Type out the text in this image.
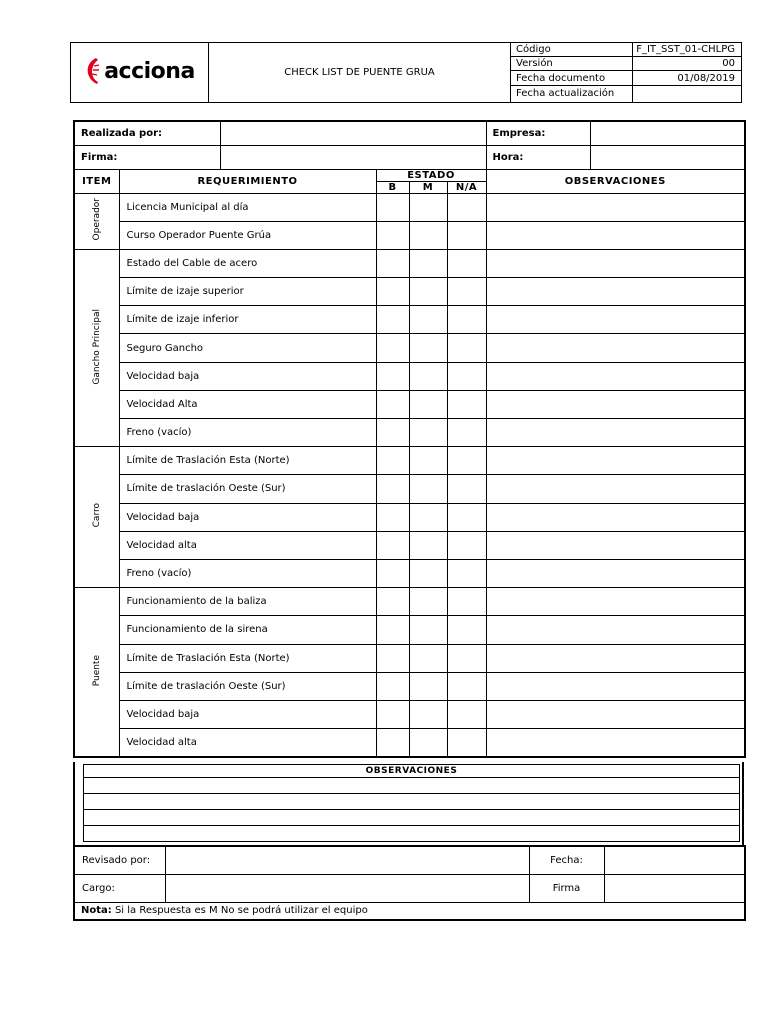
acciona	CHECK LIST DE PUENTE GRUA	Código	F_IT_SST_01-CHLPG
		Versión	00
		Fecha documento	01/08/2019
		Fecha actualización	
Realizada por:						Empresa:	
Firma:						Hora:	
ITEM	REQUERIMIENTO		ESTADO			OBSERVACIONES	
			B	M	N/A		
Operador	Licencia Municipal al día						
	Curso Operador Puente Grúa						
Gancho Principal	Estado del Cable de acero						
	Límite de izaje superior						
	Límite de izaje inferior						
	Seguro Gancho						
	Velocidad baja						
	Velocidad Alta						
	Freno (vacío)						
Carro	Límite de Traslación Esta (Norte)						
	Límite de traslación Oeste (Sur)						
	Velocidad baja						
	Velocidad alta						
	Freno (vacío)						
Puente	Funcionamiento de la baliza						
	Funcionamiento de la sirena						
	Límite de Traslación Esta (Norte)						
	Límite de traslación Oeste (Sur)						
	Velocidad baja						
	Velocidad alta						
OBSERVACIONES

Revisado por:		Fecha:	
Cargo:		Firma	
Nota: Si la Respuesta es M No se podrá utilizar el equipo			
